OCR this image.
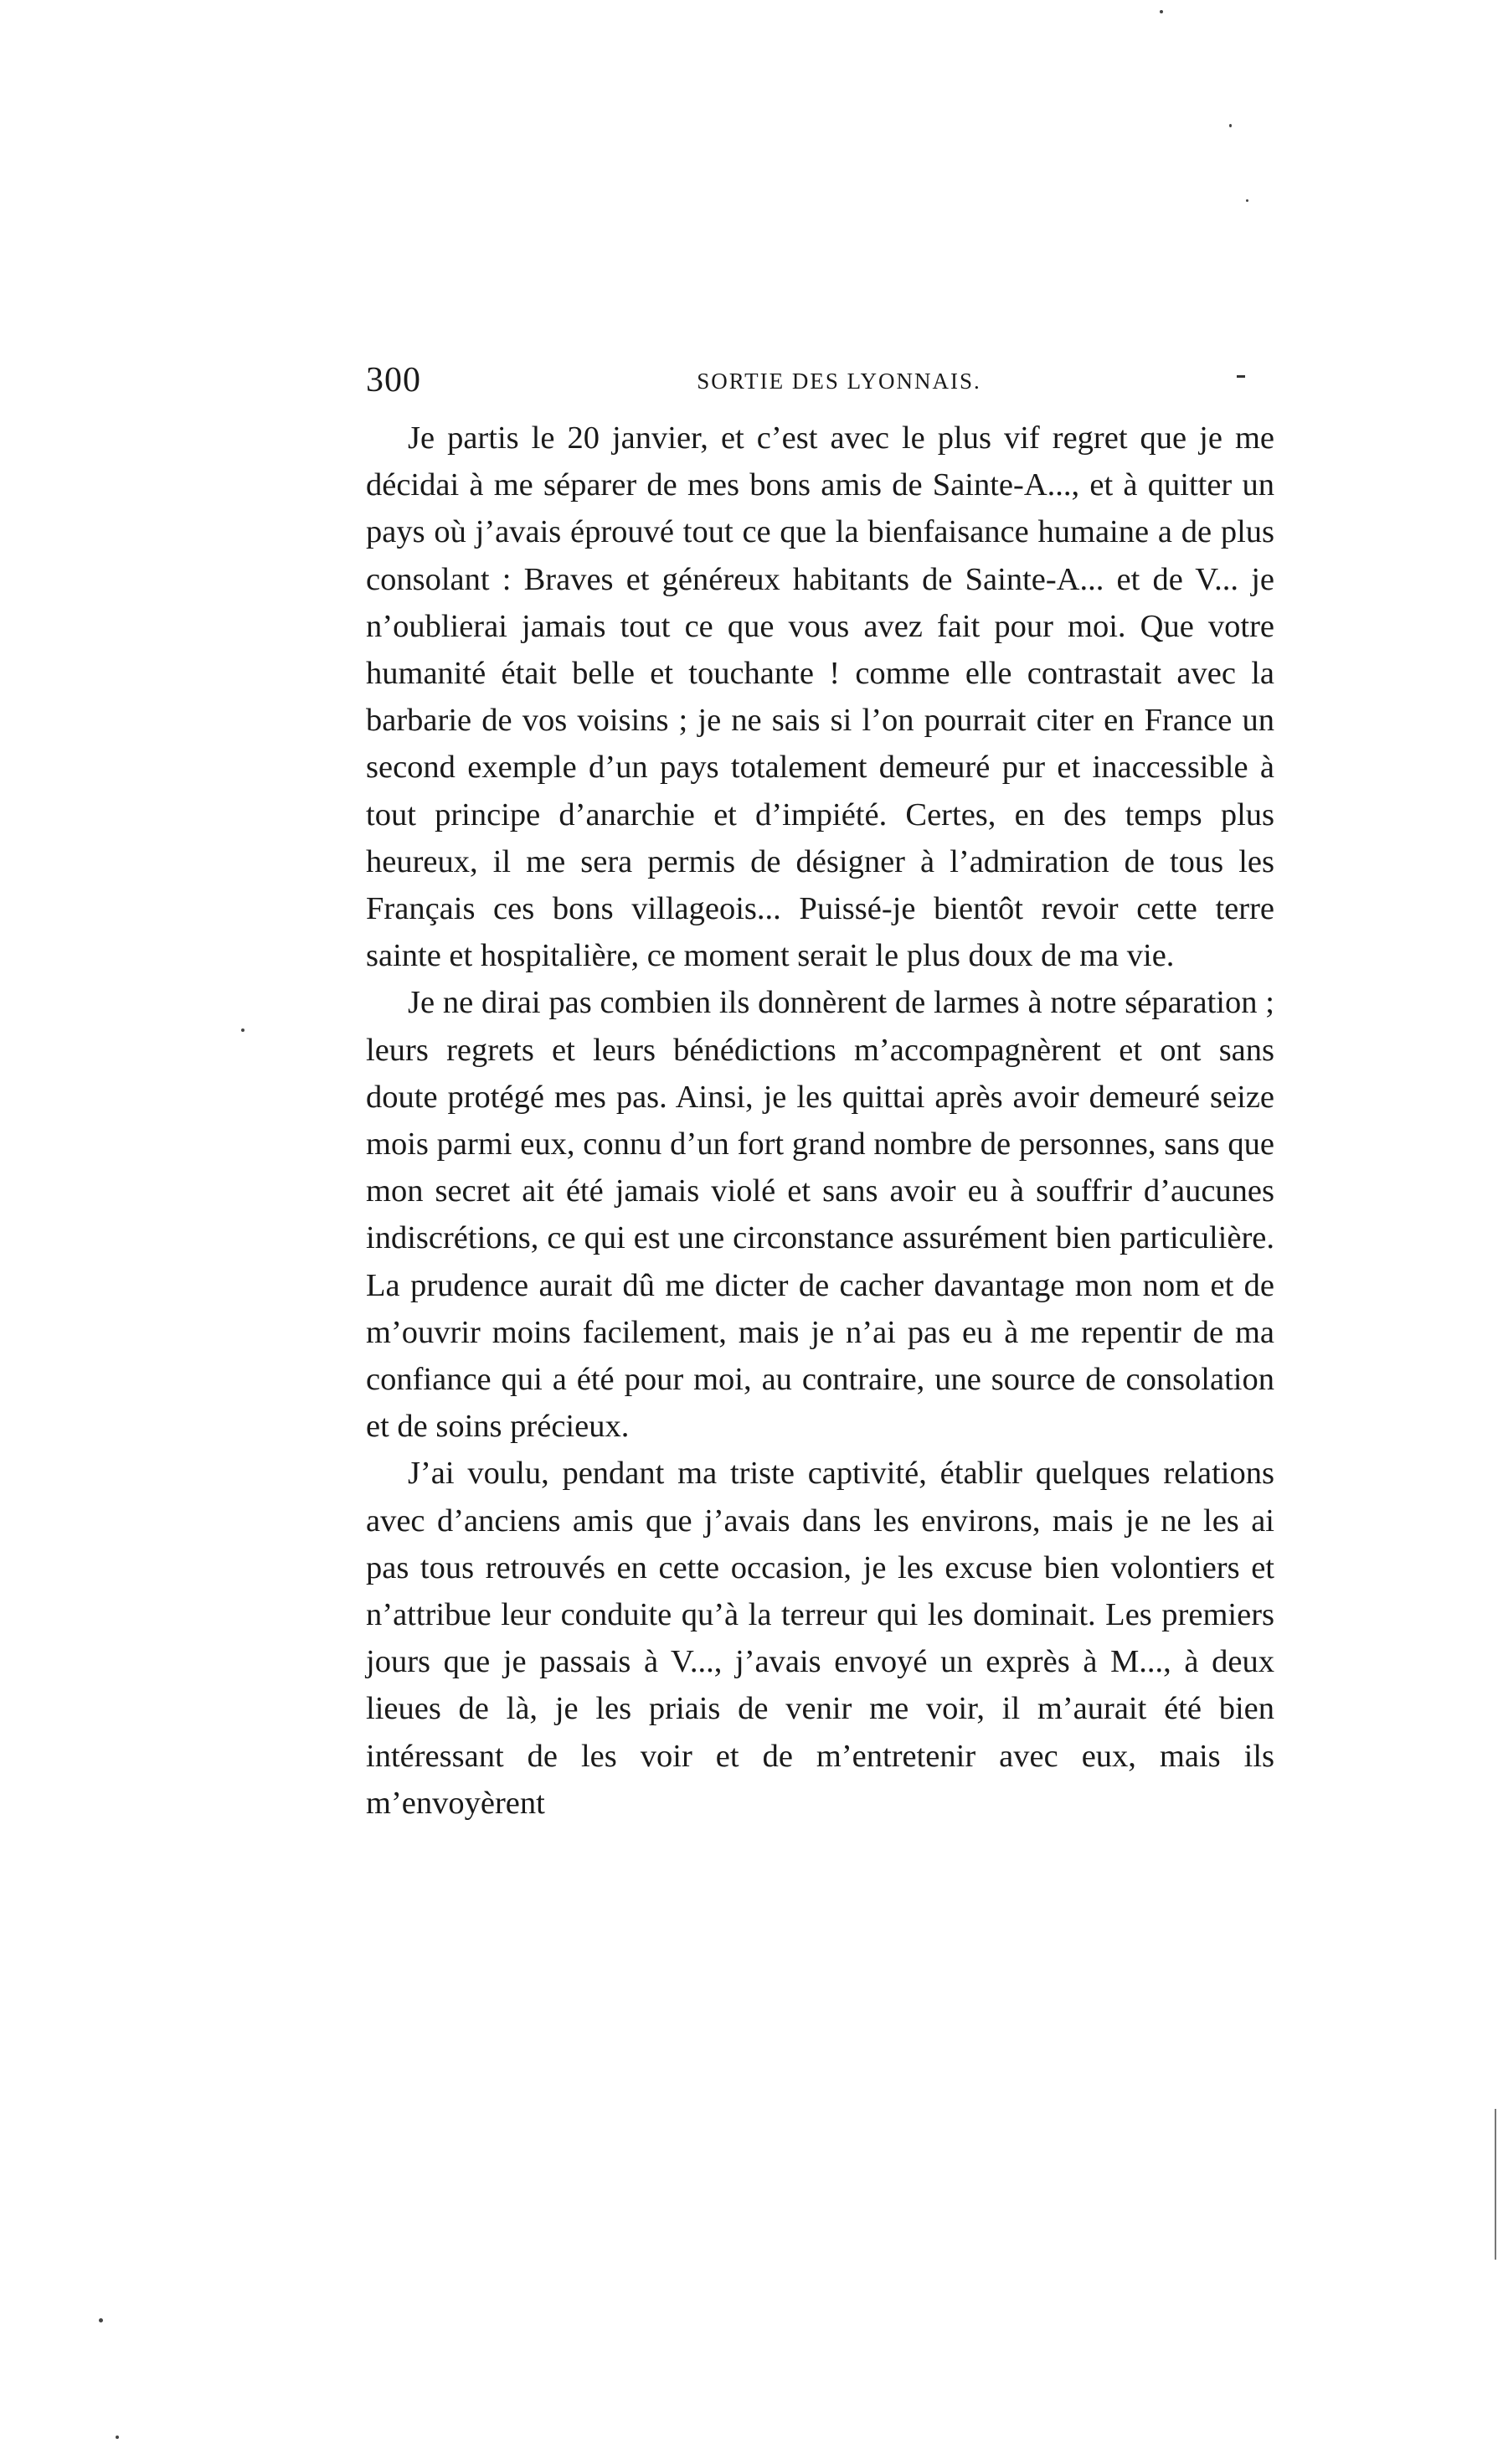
300	SORTIE DES LYONNAIS.

Je partis le 20 janvier, et c’est avec le plus vif regret que je me décidai à me séparer de mes bons amis de Sainte-A..., et à quitter un pays où j’avais éprouvé tout ce que la bienfaisance humaine a de plus consolant : Braves et généreux habitants de Sainte-A... et de V... je n’oublierai jamais tout ce que vous avez fait pour moi. Que votre humanité était belle et touchante ! comme elle contrastait avec la barbarie de vos voisins ; je ne sais si l’on pourrait citer en France un second exemple d’un pays totalement demeuré pur et inaccessible à tout principe d’anarchie et d’impiété. Certes, en des temps plus heureux, il me sera permis de désigner à l’admiration de tous les Français ces bons villageois... Puissé-je bientôt revoir cette terre sainte et hospitalière, ce moment serait le plus doux de ma vie.

Je ne dirai pas combien ils donnèrent de larmes à notre séparation ; leurs regrets et leurs bénédictions m’accompagnèrent et ont sans doute protégé mes pas. Ainsi, je les quittai après avoir demeuré seize mois parmi eux, connu d’un fort grand nombre de personnes, sans que mon secret ait été jamais violé et sans avoir eu à souffrir d’aucunes indiscrétions, ce qui est une circonstance assurément bien particulière. La prudence aurait dû me dicter de cacher davantage mon nom et de m’ouvrir moins facilement, mais je n’ai pas eu à me repentir de ma confiance qui a été pour moi, au contraire, une source de consolation et de soins précieux.

J’ai voulu, pendant ma triste captivité, établir quelques relations avec d’anciens amis que j’avais dans les environs, mais je ne les ai pas tous retrouvés en cette occasion, je les excuse bien volontiers et n’attribue leur conduite qu’à la terreur qui les dominait. Les premiers jours que je passais à V..., j’avais envoyé un exprès à M..., à deux lieues de là, je les priais de venir me voir, il m’aurait été bien intéressant de les voir et de m’entretenir avec eux, mais ils m’envoyèrent
